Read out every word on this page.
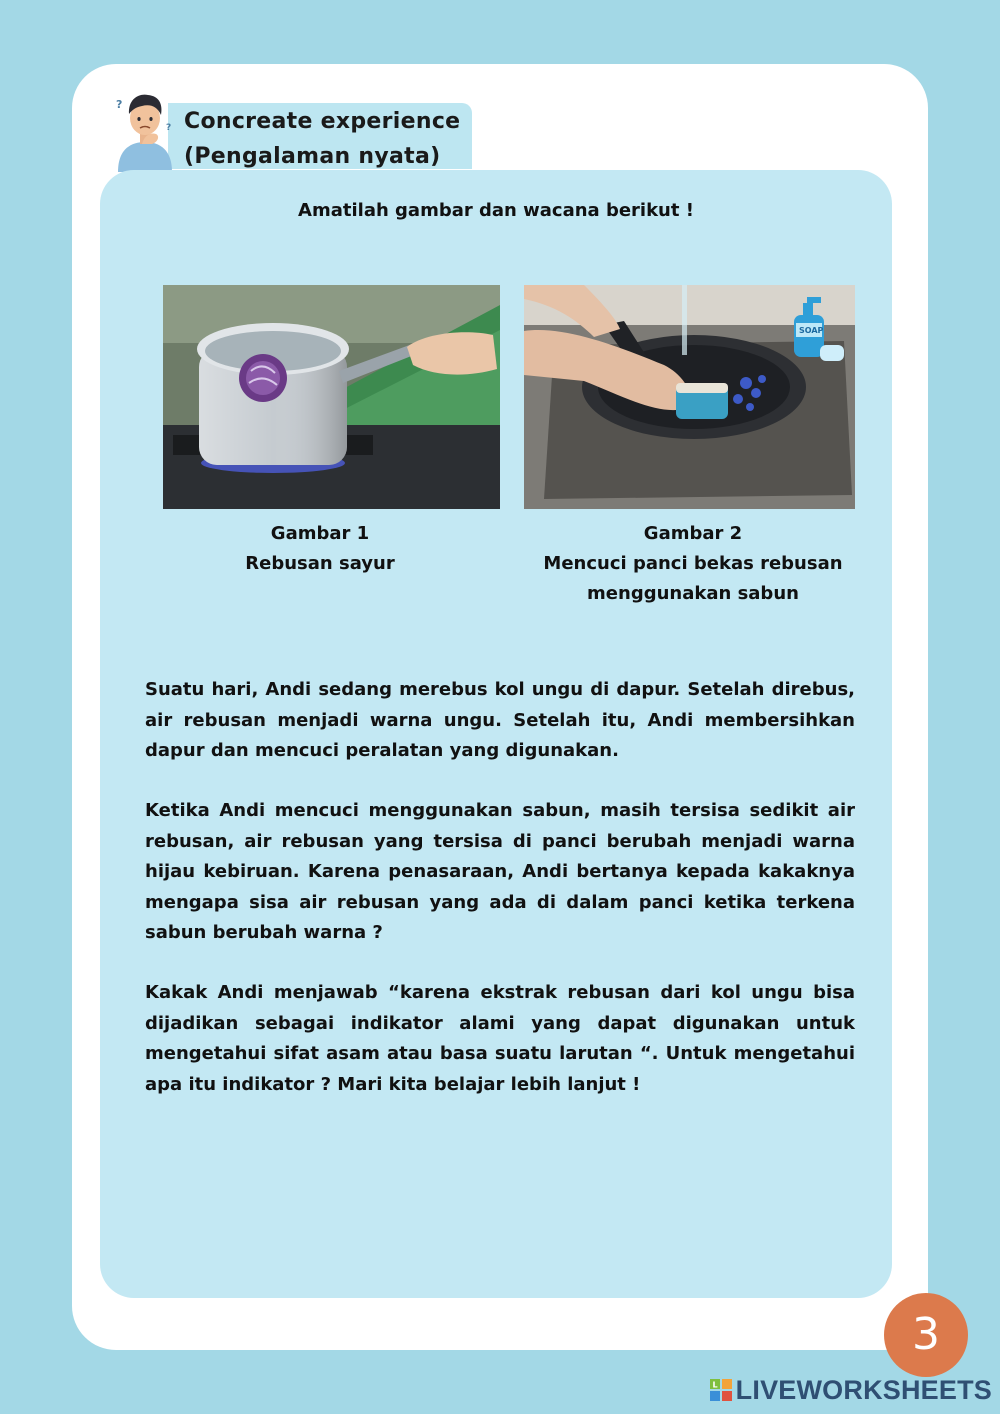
?
? Concreate experience
(Pengalaman nyata)

Amatilah gambar dan wacana berikut !

SOAP

Gambar 1
Rebusan sayur

Gambar 2
Mencuci panci bekas rebusan
menggunakan sabun

Suatu hari, Andi sedang merebus kol ungu di dapur. Setelah direbus, air rebusan menjadi warna ungu. Setelah itu, Andi membersihkan dapur dan mencuci peralatan yang digunakan.

Ketika Andi mencuci menggunakan sabun, masih tersisa sedikit air rebusan, air rebusan yang tersisa di panci berubah menjadi warna hijau kebiruan. Karena penasaraan, Andi bertanya kepada kakaknya mengapa sisa air rebusan yang ada di dalam panci ketika terkena sabun berubah warna ?

Kakak Andi menjawab “karena ekstrak rebusan dari kol ungu bisa dijadikan sebagai indikator alami yang dapat digunakan untuk mengetahui sifat asam atau basa suatu larutan “. Untuk mengetahui apa itu indikator ? Mari kita belajar lebih lanjut !

3
L LIVEWORKSHEETS
